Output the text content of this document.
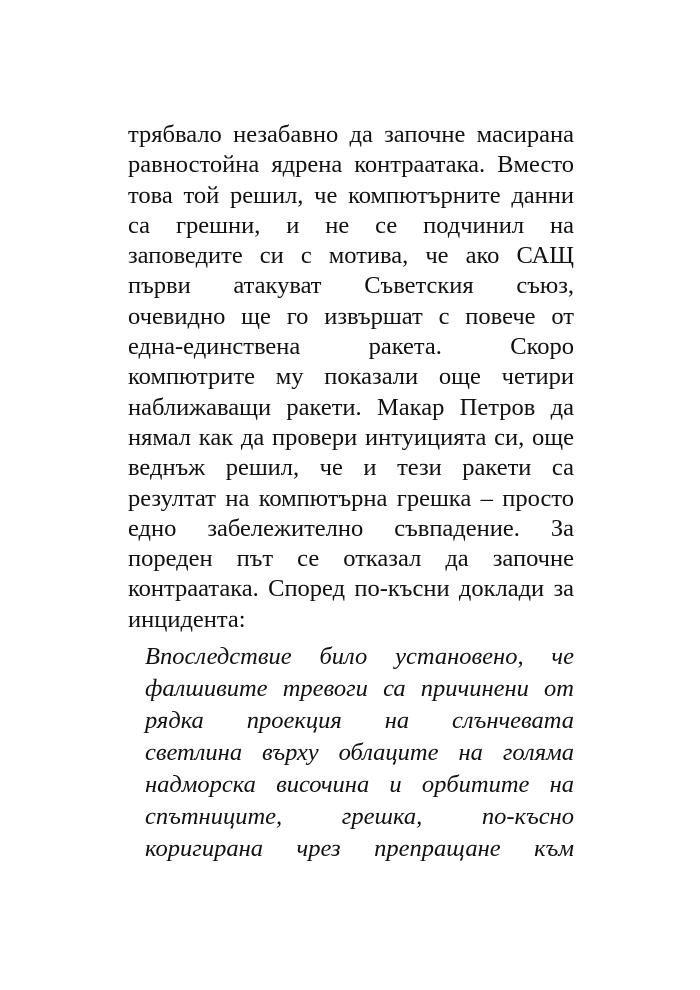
трябвало незабавно да започне масирана
равностойна ядрена контраатака. Вместо
това той решил, че компютърните данни
са грешни, и не се подчинил на
заповедите си с мотива, че ако САЩ
първи атакуват Съветския съюз,
очевидно ще го извършат с повече от
една-единствена ракета. Скоро
компютрите му показали още четири
наближаващи ракети. Макар Петров да
нямал как да провери интуицията си, още
веднъж решил, че и тези ракети са
резултат на компютърна грешка – просто
едно забележително съвпадение. За
пореден път се отказал да започне
контраатака. Според по-късни доклади за
инцидента:
Впоследствие било установено, че
фалшивите тревоги са причинени от
рядка проекция на слънчевата
светлина върху облаците на голяма
надморска височина и орбитите на
спътниците, грешка, по-късно
коригирана чрез препращане към
